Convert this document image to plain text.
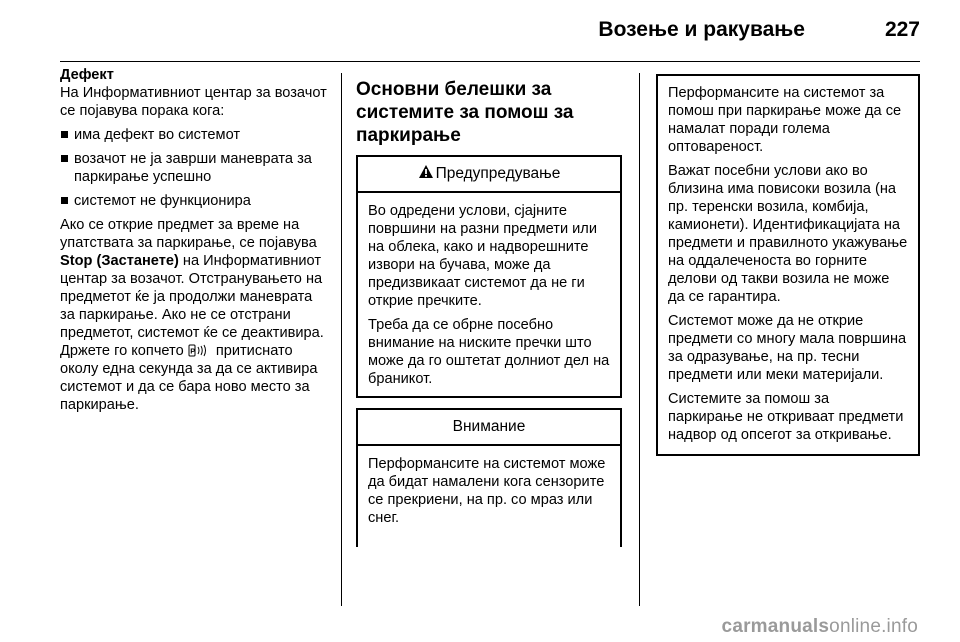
Возење и ракување	227
Дефект

На Информативниот центар за возачот се појавува порака кога:

има дефект во системот
возачот не ја заврши маневрата за паркирање успешно
системот не функционира

Ако се открие предмет за време на упатствата за паркирање, се појавува Stop (Застанете) на Информативниот центар за возачот. Отстранувањето на предметот ќе ја продолжи маневрата за паркирање. Ако не се отстрани предметот, системот ќе се деактивира. Држете го копчето P притиснато околу една секунда за да се активира системот и да се бара ново место за паркирање.

Основни белешки за системите за помош за паркирање
Предупредување

Во одредени услови, сјајните површини на разни предмети или на облека, како и надворешните извори на бучава, може да предизвикаат системот да не ги открие пречките.

Треба да се обрне посебно внимание на ниските пречки што може да го оштетат долниот дел на браникот.

Внимание

Перформансите на системот може да бидат намалени кога сензорите се прекриени, на пр. со мраз или снег.

Перформансите на системот за помош при паркирање може да се намалат поради голема оптовареност.

Важат посебни услови ако во близина има повисоки возила (на пр. теренски возила, комбија, камионети). Идентификацијата на предмети и правилното укажување на оддалеченоста во горните делови од такви возила не може да се гарантира.

Системот може да не открие предмети со многу мала површина за одразување, на пр. тесни предмети или меки материјали.

Системите за помош за паркирање не откриваат предмети надвор од опсегот за откривање.

carmanualsonline.info
